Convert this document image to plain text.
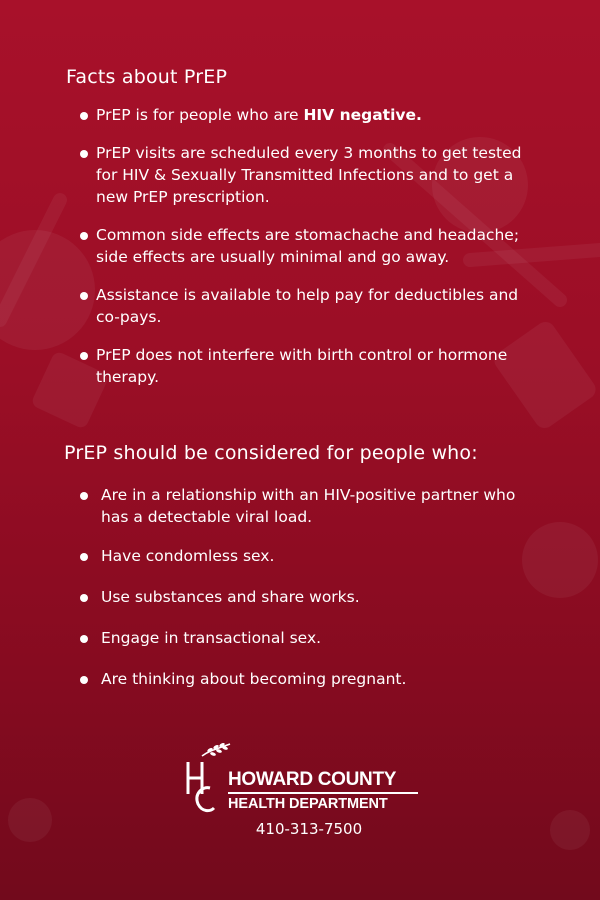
Facts about PrEP
PrEP is for people who are HIV negative.
PrEP visits are scheduled every 3 months to get tested for HIV & Sexually Transmitted Infections and to get a new PrEP prescription.
Common side effects are stomachache and headache; side effects are usually minimal and go away.
Assistance is available to help pay for deductibles and co-pays.
PrEP does not interfere with birth control or hormone therapy.
PrEP should be considered for people who:
Are in a relationship with an HIV-positive partner who has a detectable viral load.
Have condomless sex.
Use substances and share works.
Engage in transactional sex.
Are thinking about becoming pregnant.
HOWARD COUNTY
HEALTH DEPARTMENT
410-313-7500
